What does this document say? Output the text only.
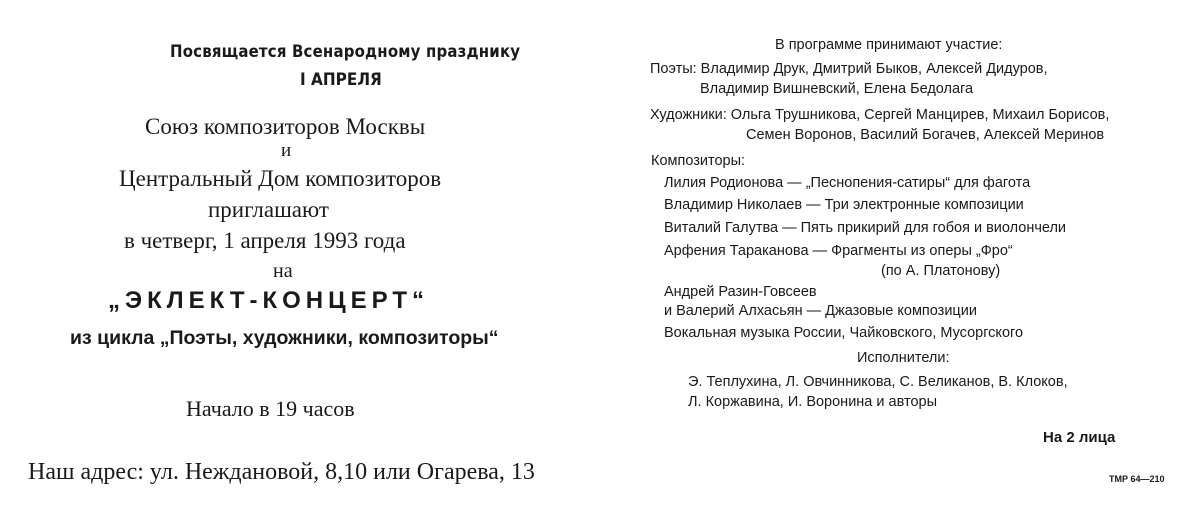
Посвящается Всенародному празднику
I АПРЕЛЯ
Союз композиторов Москвы
и
Центральный Дом композиторов
приглашают
в четверг, 1 апреля 1993 года
на
„ЭКЛЕКТ-КОНЦЕРТ“
из цикла „Поэты, художники, композиторы“
Начало в 19 часов
Наш адрес: ул. Неждановой, 8,10 или Огарева, 13
В программе принимают участие:
Поэты: Владимир Друк, Дмитрий Быков, Алексей Дидуров,
Владимир Вишневский, Елена Бедолага
Художники: Ольга Трушникова, Сергей Манцирев, Михаил Борисов,
Семен Воронов, Василий Богачев, Алексей Меринов
Композиторы:
Лилия Родионова — „Песнопения-сатиры“ для фагота
Владимир Николаев — Три электронные композиции
Виталий Галутва — Пять прикирий для гобоя и виолончели
Арфения Тараканова — Фрагменты из оперы „Фро“
(по А. Платонову)
Андрей Разин-Говсеев
и Валерий Алхасьян — Джазовые композиции
Вокальная музыка России, Чайковского, Мусоргского
Исполнители:
Э. Теплухина, Л. Овчинникова, С. Великанов, В. Клоков,
Л. Коржавина, И. Воронина и авторы
На 2 лица
ТМР 64—210
